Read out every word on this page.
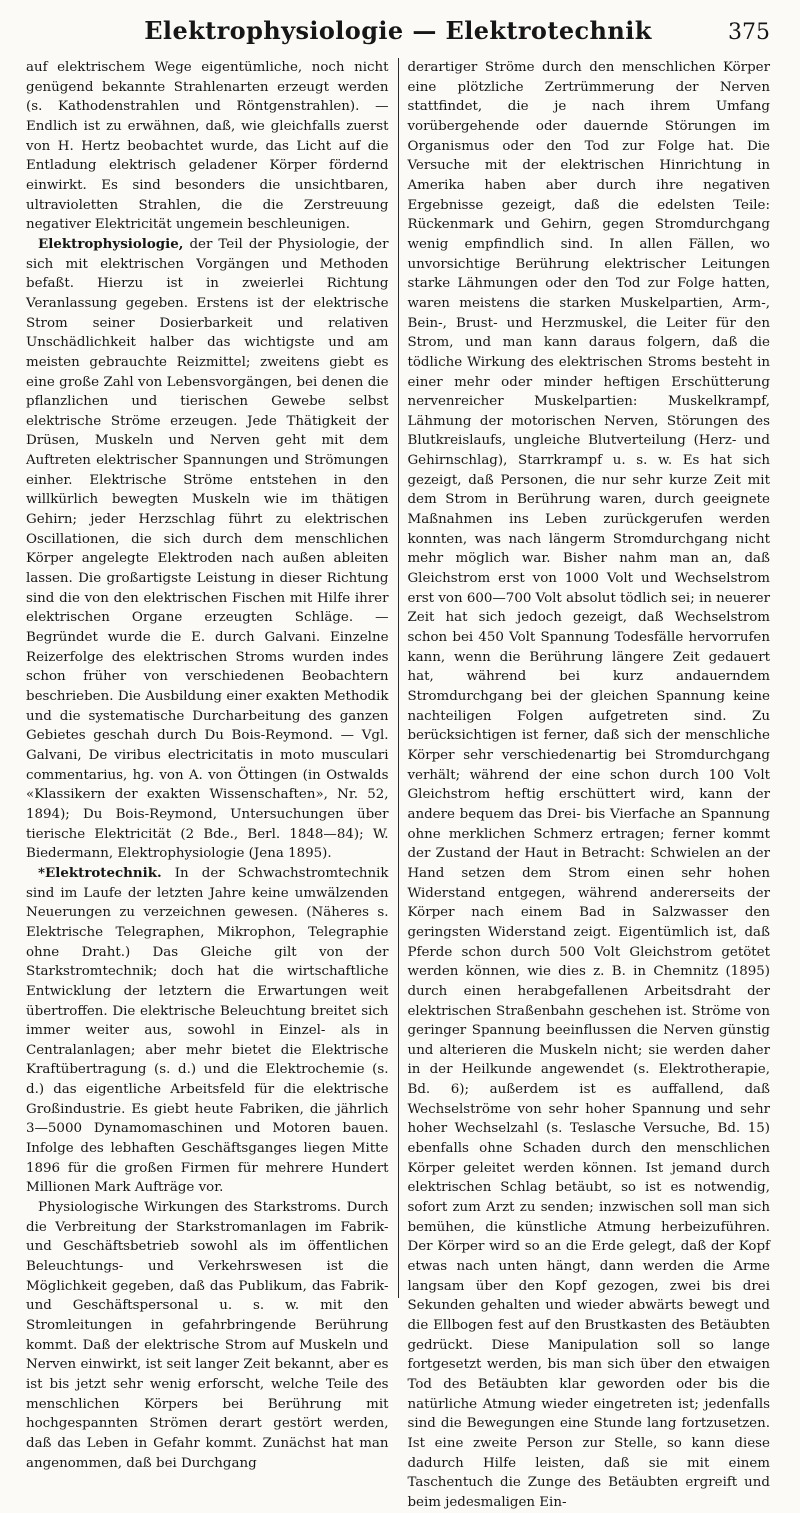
Elektrophysiologie — Elektrotechnik	375

auf elektrischem Wege eigentümliche, noch nicht genügend bekannte Strahlenarten erzeugt werden (s. Kathodenstrahlen und Röntgenstrahlen). — Endlich ist zu erwähnen, daß, wie gleichfalls zuerst von H. Hertz beobachtet wurde, das Licht auf die Entladung elektrisch geladener Körper fördernd einwirkt. Es sind besonders die unsichtbaren, ultravioletten Strahlen, die die Zerstreuung negativer Elektricität ungemein beschleunigen.

Elektrophysiologie, der Teil der Physiologie, der sich mit elektrischen Vorgängen und Methoden befaßt. Hierzu ist in zweierlei Richtung Veranlassung gegeben. Erstens ist der elektrische Strom seiner Dosierbarkeit und relativen Unschädlichkeit halber das wichtigste und am meisten gebrauchte Reizmittel; zweitens giebt es eine große Zahl von Lebensvorgängen, bei denen die pflanzlichen und tierischen Gewebe selbst elektrische Ströme erzeugen. Jede Thätigkeit der Drüsen, Muskeln und Nerven geht mit dem Auftreten elektrischer Spannungen und Strömungen einher. Elektrische Ströme entstehen in den willkürlich bewegten Muskeln wie im thätigen Gehirn; jeder Herzschlag führt zu elektrischen Oscillationen, die sich durch dem menschlichen Körper angelegte Elektroden nach außen ableiten lassen. Die großartigste Leistung in dieser Richtung sind die von den elektrischen Fischen mit Hilfe ihrer elektrischen Organe erzeugten Schläge. — Begründet wurde die E. durch Galvani. Einzelne Reizerfolge des elektrischen Stroms wurden indes schon früher von verschiedenen Beobachtern beschrieben. Die Ausbildung einer exakten Methodik und die systematische Durcharbeitung des ganzen Gebietes geschah durch Du Bois-Reymond. — Vgl. Galvani, De viribus electricitatis in moto musculari commentarius, hg. von A. von Öttingen (in Ostwalds «Klassikern der exakten Wissenschaften», Nr. 52, 1894); Du Bois-Reymond, Untersuchungen über tierische Elektricität (2 Bde., Berl. 1848—84); W. Biedermann, Elektrophysiologie (Jena 1895).

*Elektrotechnik. In der Schwachstromtechnik sind im Laufe der letzten Jahre keine umwälzenden Neuerungen zu verzeichnen gewesen. (Näheres s. Elektrische Telegraphen, Mikrophon, Telegraphie ohne Draht.) Das Gleiche gilt von der Starkstromtechnik; doch hat die wirtschaftliche Entwicklung der letztern die Erwartungen weit übertroffen. Die elektrische Beleuchtung breitet sich immer weiter aus, sowohl in Einzel- als in Centralanlagen; aber mehr bietet die Elektrische Kraftübertragung (s. d.) und die Elektrochemie (s. d.) das eigentliche Arbeitsfeld für die elektrische Großindustrie. Es giebt heute Fabriken, die jährlich 3—5000 Dynamomaschinen und Motoren bauen. Infolge des lebhaften Geschäftsganges liegen Mitte 1896 für die großen Firmen für mehrere Hundert Millionen Mark Aufträge vor.

Physiologische Wirkungen des Starkstroms. Durch die Verbreitung der Starkstromanlagen im Fabrik- und Geschäftsbetrieb sowohl als im öffentlichen Beleuchtungs- und Verkehrswesen ist die Möglichkeit gegeben, daß das Publikum, das Fabrik- und Geschäftspersonal u. s. w. mit den Stromleitungen in gefahrbringende Berührung kommt. Daß der elektrische Strom auf Muskeln und Nerven einwirkt, ist seit langer Zeit bekannt, aber es ist bis jetzt sehr wenig erforscht, welche Teile des menschlichen Körpers bei Berührung mit hochgespannten Strömen derart gestört werden, daß das Leben in Gefahr kommt. Zunächst hat man angenommen, daß bei Durchgang

derartiger Ströme durch den menschlichen Körper eine plötzliche Zertrümmerung der Nerven stattfindet, die je nach ihrem Umfang vorübergehende oder dauernde Störungen im Organismus oder den Tod zur Folge hat. Die Versuche mit der elektrischen Hinrichtung in Amerika haben aber durch ihre negativen Ergebnisse gezeigt, daß die edelsten Teile: Rückenmark und Gehirn, gegen Stromdurchgang wenig empfindlich sind. In allen Fällen, wo unvorsichtige Berührung elektrischer Leitungen starke Lähmungen oder den Tod zur Folge hatten, waren meistens die starken Muskelpartien, Arm-, Bein-, Brust- und Herzmuskel, die Leiter für den Strom, und man kann daraus folgern, daß die tödliche Wirkung des elektrischen Stroms besteht in einer mehr oder minder heftigen Erschütterung nervenreicher Muskelpartien: Muskelkrampf, Lähmung der motorischen Nerven, Störungen des Blutkreislaufs, ungleiche Blutverteilung (Herz- und Gehirnschlag), Starrkrampf u. s. w. Es hat sich gezeigt, daß Personen, die nur sehr kurze Zeit mit dem Strom in Berührung waren, durch geeignete Maßnahmen ins Leben zurückgerufen werden konnten, was nach längerm Stromdurchgang nicht mehr möglich war. Bisher nahm man an, daß Gleichstrom erst von 1000 Volt und Wechselstrom erst von 600—700 Volt absolut tödlich sei; in neuerer Zeit hat sich jedoch gezeigt, daß Wechselstrom schon bei 450 Volt Spannung Todesfälle hervorrufen kann, wenn die Berührung längere Zeit gedauert hat, während bei kurz andauerndem Stromdurchgang bei der gleichen Spannung keine nachteiligen Folgen aufgetreten sind. Zu berücksichtigen ist ferner, daß sich der menschliche Körper sehr verschiedenartig bei Stromdurchgang verhält; während der eine schon durch 100 Volt Gleichstrom heftig erschüttert wird, kann der andere bequem das Drei- bis Vierfache an Spannung ohne merklichen Schmerz ertragen; ferner kommt der Zustand der Haut in Betracht: Schwielen an der Hand setzen dem Strom einen sehr hohen Widerstand entgegen, während andererseits der Körper nach einem Bad in Salzwasser den geringsten Widerstand zeigt. Eigentümlich ist, daß Pferde schon durch 500 Volt Gleichstrom getötet werden können, wie dies z. B. in Chemnitz (1895) durch einen herabgefallenen Arbeitsdraht der elektrischen Straßenbahn geschehen ist. Ströme von geringer Spannung beeinflussen die Nerven günstig und alterieren die Muskeln nicht; sie werden daher in der Heilkunde angewendet (s. Elektrotherapie, Bd. 6); außerdem ist es auffallend, daß Wechselströme von sehr hoher Spannung und sehr hoher Wechselzahl (s. Teslasche Versuche, Bd. 15) ebenfalls ohne Schaden durch den menschlichen Körper geleitet werden können. Ist jemand durch elektrischen Schlag betäubt, so ist es notwendig, sofort zum Arzt zu senden; inzwischen soll man sich bemühen, die künstliche Atmung herbeizuführen. Der Körper wird so an die Erde gelegt, daß der Kopf etwas nach unten hängt, dann werden die Arme langsam über den Kopf gezogen, zwei bis drei Sekunden gehalten und wieder abwärts bewegt und die Ellbogen fest auf den Brustkasten des Betäubten gedrückt. Diese Manipulation soll so lange fortgesetzt werden, bis man sich über den etwaigen Tod des Betäubten klar geworden oder bis die natürliche Atmung wieder eingetreten ist; jedenfalls sind die Bewegungen eine Stunde lang fortzusetzen. Ist eine zweite Person zur Stelle, so kann diese dadurch Hilfe leisten, daß sie mit einem Taschentuch die Zunge des Betäubten ergreift und beim jedesmaligen Ein-
